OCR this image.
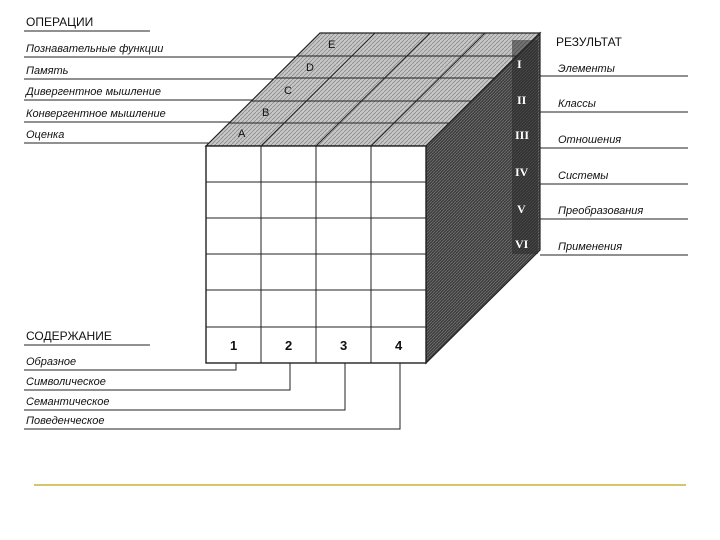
ОПЕРАЦИИ
Познавательные функции
Память
Дивергентное мышление
Конвергентное мышление
Оценка	A
B
C
D
E
I
II
III
IV
V
VI
1	2	3	4
РЕЗУЛЬТАТ
Элементы
Классы
Отношения
Системы
Преобразования
Применения
СОДЕРЖАНИЕ
Образное
Символическое
Семантическое
Поведенческое
